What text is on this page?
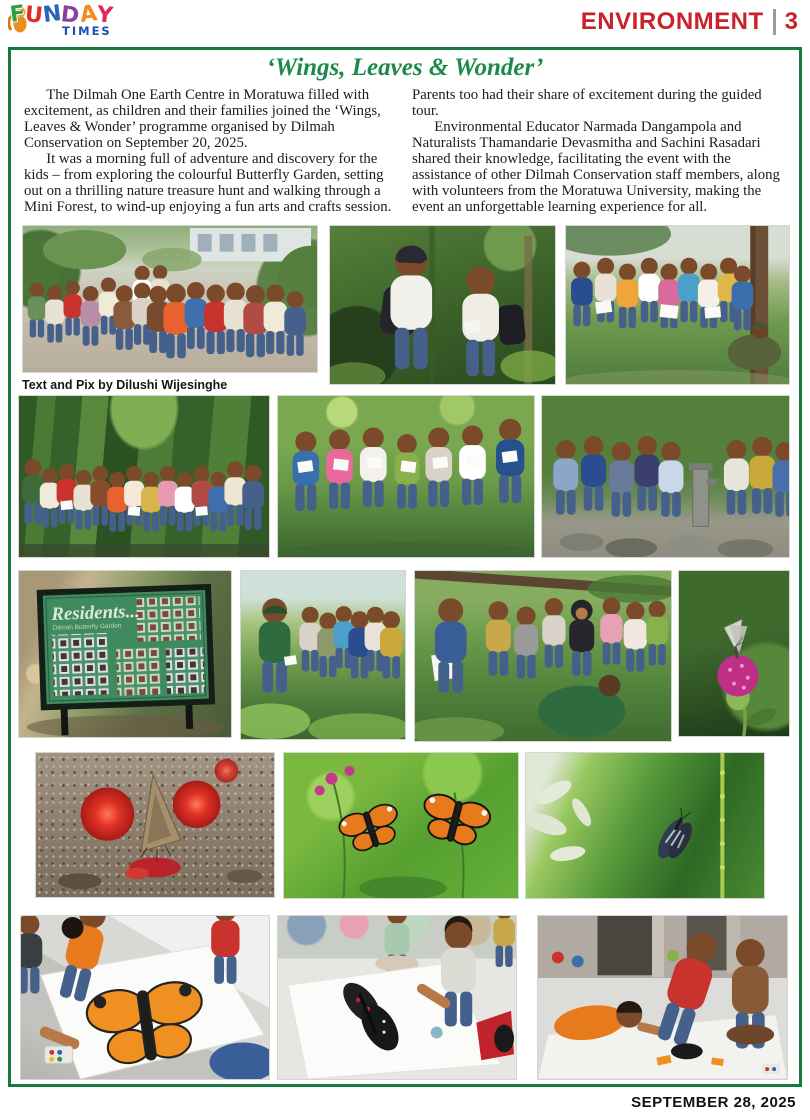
FUNDAY
TIMES	ENVIRONMENT 3
‘Wings, Leaves & Wonder’

The Dilmah One Earth Centre in Moratuwa filled with excitement, as children and their families joined the ‘Wings, Leaves & Wonder’ programme organised by Dilmah Conservation on September 20, 2025.

It was a morning full of adventure and discovery for the kids – from exploring the colourful Butterfly Garden, setting out on a thrilling nature treasure hunt and walking through a Mini Forest, to wind-up enjoying a fun arts and crafts session.

Parents too had their share of excitement during the guided tour.

Environmental Educator Narmada Dangampola and Naturalists Thamandarie Devasmitha and Sachini Rasadari shared their knowledge, facilitating the event with the assistance of other Dilmah Conservation staff members, along with volunteers from the Moratuwa University, making the event an unforgettable learning experience for all.

Text and Pix by Dilushi Wijesinghe
Residents...
Dilmah Butterfly Garden
SEPTEMBER 28, 2025
